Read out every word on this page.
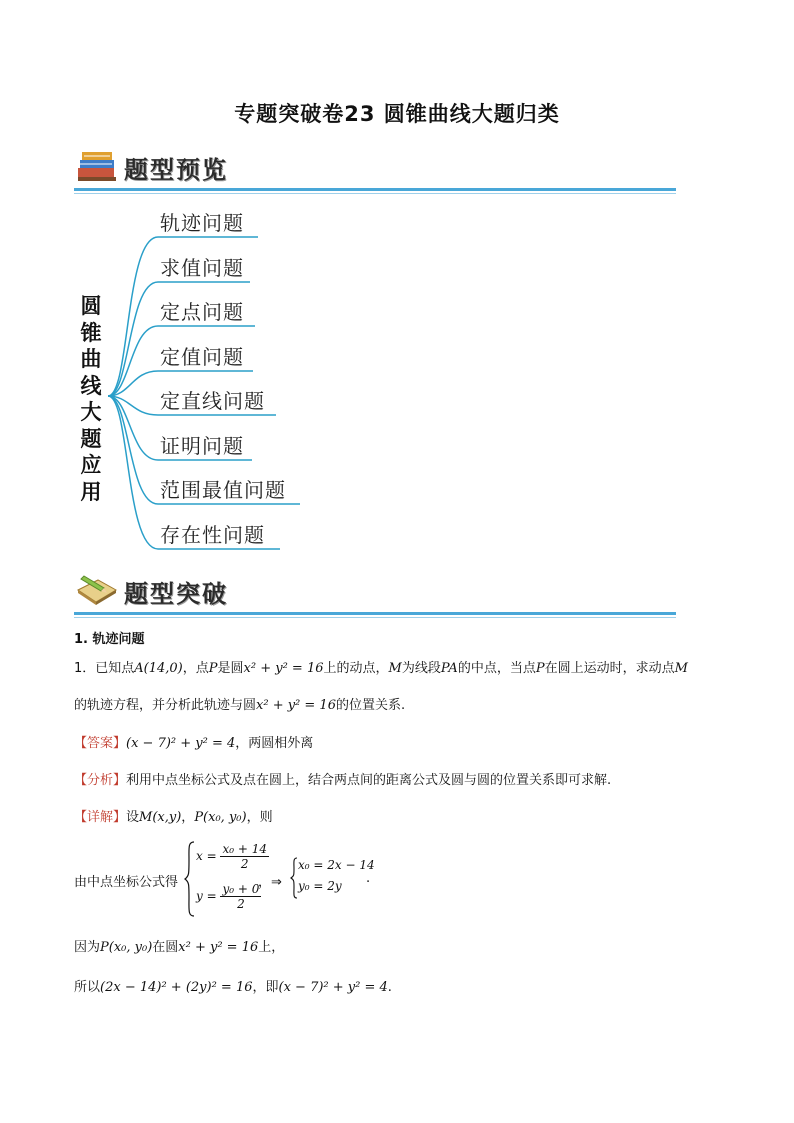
专题突破卷23 圆锥曲线大题归类
题型预览
圆
锥
曲
线
大
题
应
用
轨迹问题
求值问题
定点问题
定值问题
定直线问题
证明问题
范围最值问题
存在性问题
题型突破
1. 轨迹问题
1．已知点A(14,0)，点P是圆x² + y² = 16上的动点，M为线段PA的中点，当点P在圆上运动时，求动点M
的轨迹方程，并分析此轨迹与圆x² + y² = 16的位置关系.
【答案】(x − 7)² + y² = 4，两圆相外离
【分析】利用中点坐标公式及点在圆上，结合两点间的距离公式及圆与圆的位置关系即可求解.
【详解】设M(x,y)，P(x₀, y₀)，则
由中点坐标公式得
$x = \frac{\text{x₀ + 14}}{2}$
$y = \frac{\text{y₀ + 0}}{2}$
，⇒
x₀ = 2x − 14
y₀ = 2y .
因为P(x₀, y₀)在圆x² + y² = 16上，
所以(2x − 14)² + (2y)² = 16，即(x − 7)² + y² = 4.
